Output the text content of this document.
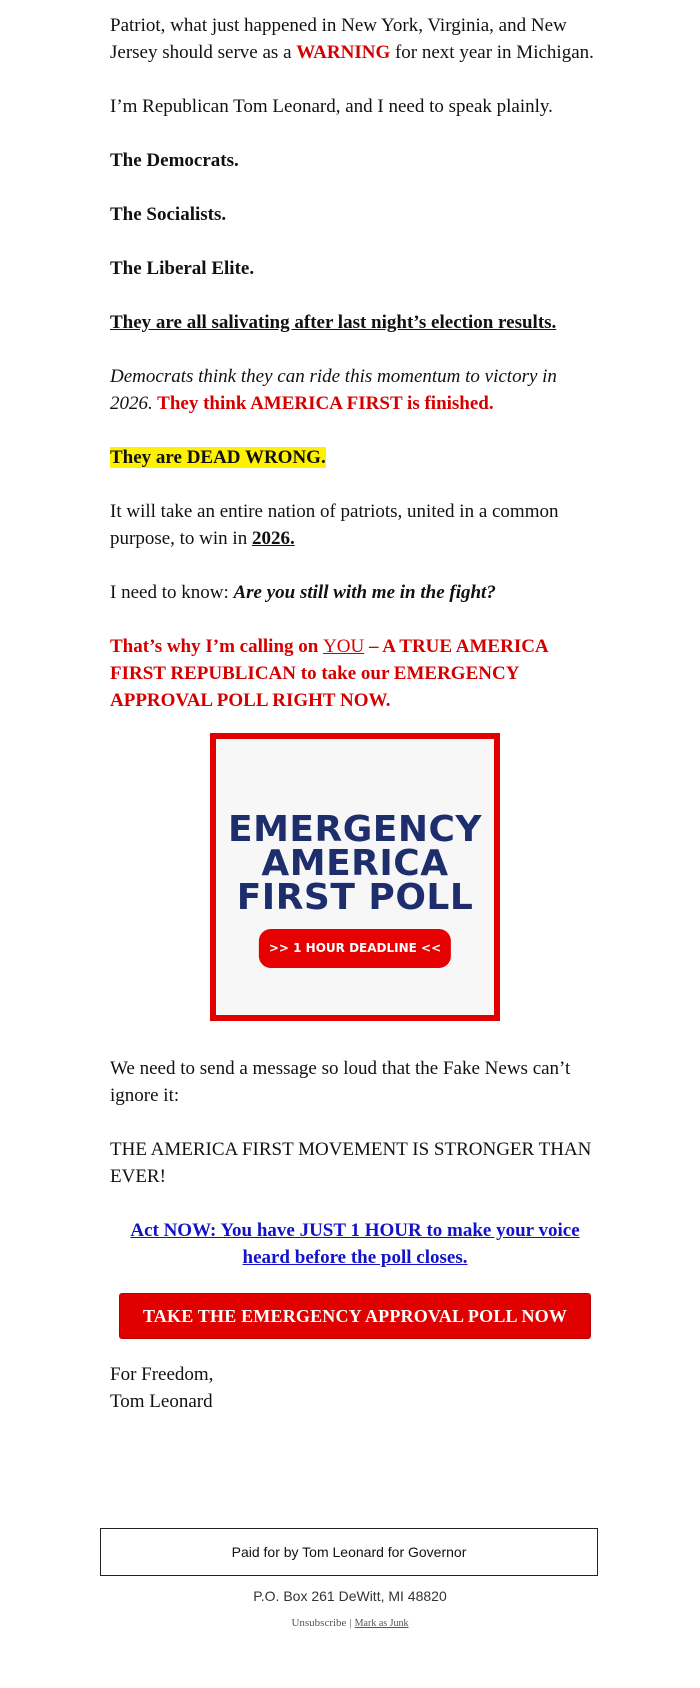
Patriot, what just happened in New York, Virginia, and New Jersey should serve as a WARNING for next year in Michigan.

I’m Republican Tom Leonard, and I need to speak plainly.

The Democrats.

The Socialists.

The Liberal Elite.

They are all salivating after last night’s election results.

Democrats think they can ride this momentum to victory in 2026. They think AMERICA FIRST is finished.

They are DEAD WRONG.

It will take an entire nation of patriots, united in a common purpose, to win in 2026.

I need to know: Are you still with me in the fight?

That’s why I’m calling on YOU – A TRUE AMERICA FIRST REPUBLICAN to take our EMERGENCY APPROVAL POLL RIGHT NOW.

EMERGENCY
AMERICA
FIRST POLL
>> 1 HOUR DEADLINE <<

We need to send a message so loud that the Fake News can’t ignore it:

THE AMERICA FIRST MOVEMENT IS STRONGER THAN EVER!

Act NOW: You have JUST 1 HOUR to make your voice heard before the poll closes.
TAKE THE EMERGENCY APPROVAL POLL NOW
For Freedom,
Tom Leonard
Paid for by Tom Leonard for Governor
P.O. Box 261 DeWitt, MI 48820
Unsubscribe | Mark as Junk
